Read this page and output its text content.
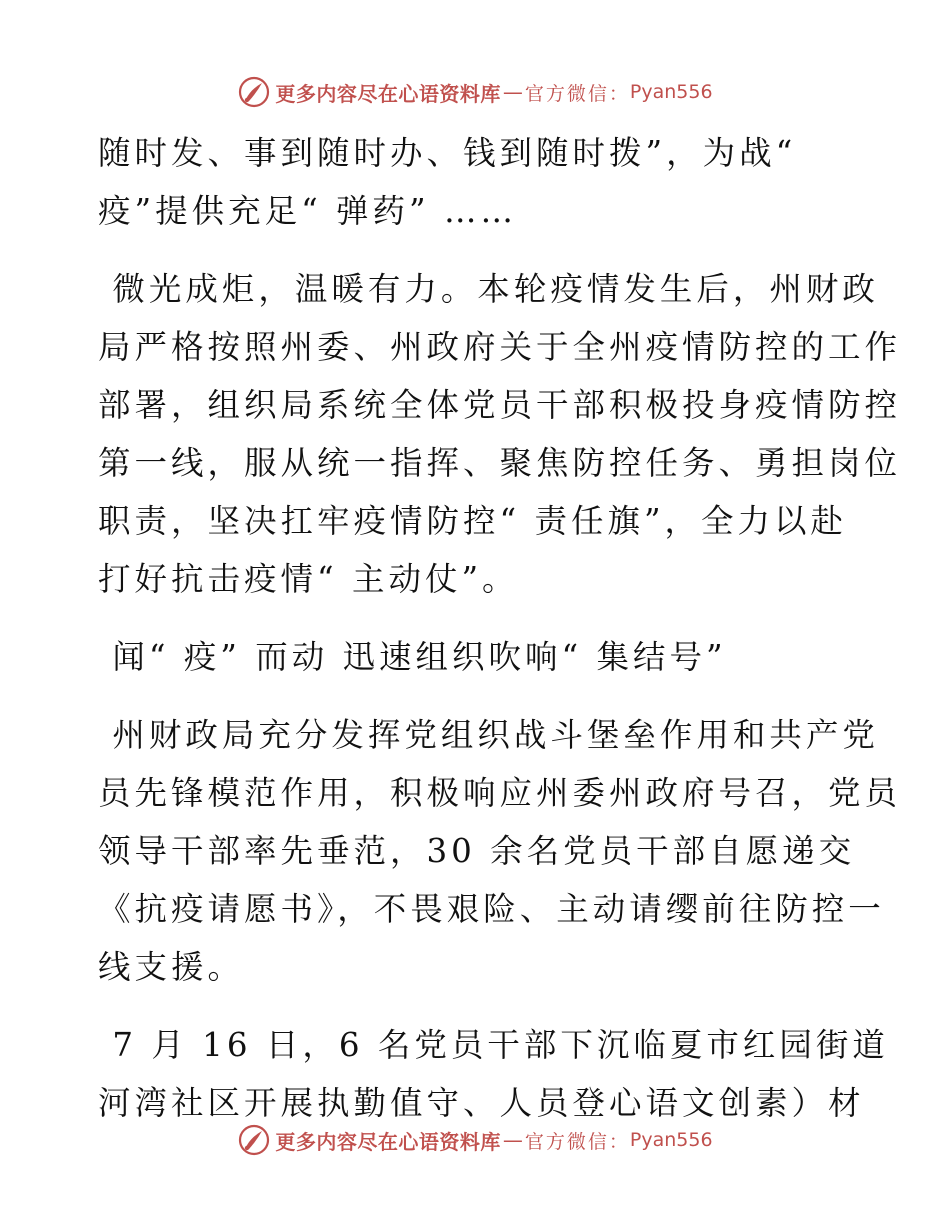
更多内容尽在心语资料库 — 官方微信： Pyan556
随时发、事到随时办、钱到随时拨”，为战“
疫”提供充足“ 弹药” ……
微光成炬，温暖有力。本轮疫情发生后，州财政
局严格按照州委、州政府关于全州疫情防控的工作
部署，组织局系统全体党员干部积极投身疫情防控
第一线，服从统一指挥、聚焦防控任务、勇担岗位
职责，坚决扛牢疫情防控“ 责任旗”，全力以赴
打好抗击疫情“ 主动仗”。
闻“ 疫” 而动 迅速组织吹响“ 集结号”
州财政局充分发挥党组织战斗堡垒作用和共产党
员先锋模范作用，积极响应州委州政府号召，党员
领导干部率先垂范，30 余名党员干部自愿递交
《抗疫请愿书》，不畏艰险、主动请缨前往防控一
线支援。
7 月 16 日，6 名党员干部下沉临夏市红园街道
河湾社区开展执勤值守、人员登心语文创素）材
更多内容尽在心语资料库 — 官方微信： Pyan556
